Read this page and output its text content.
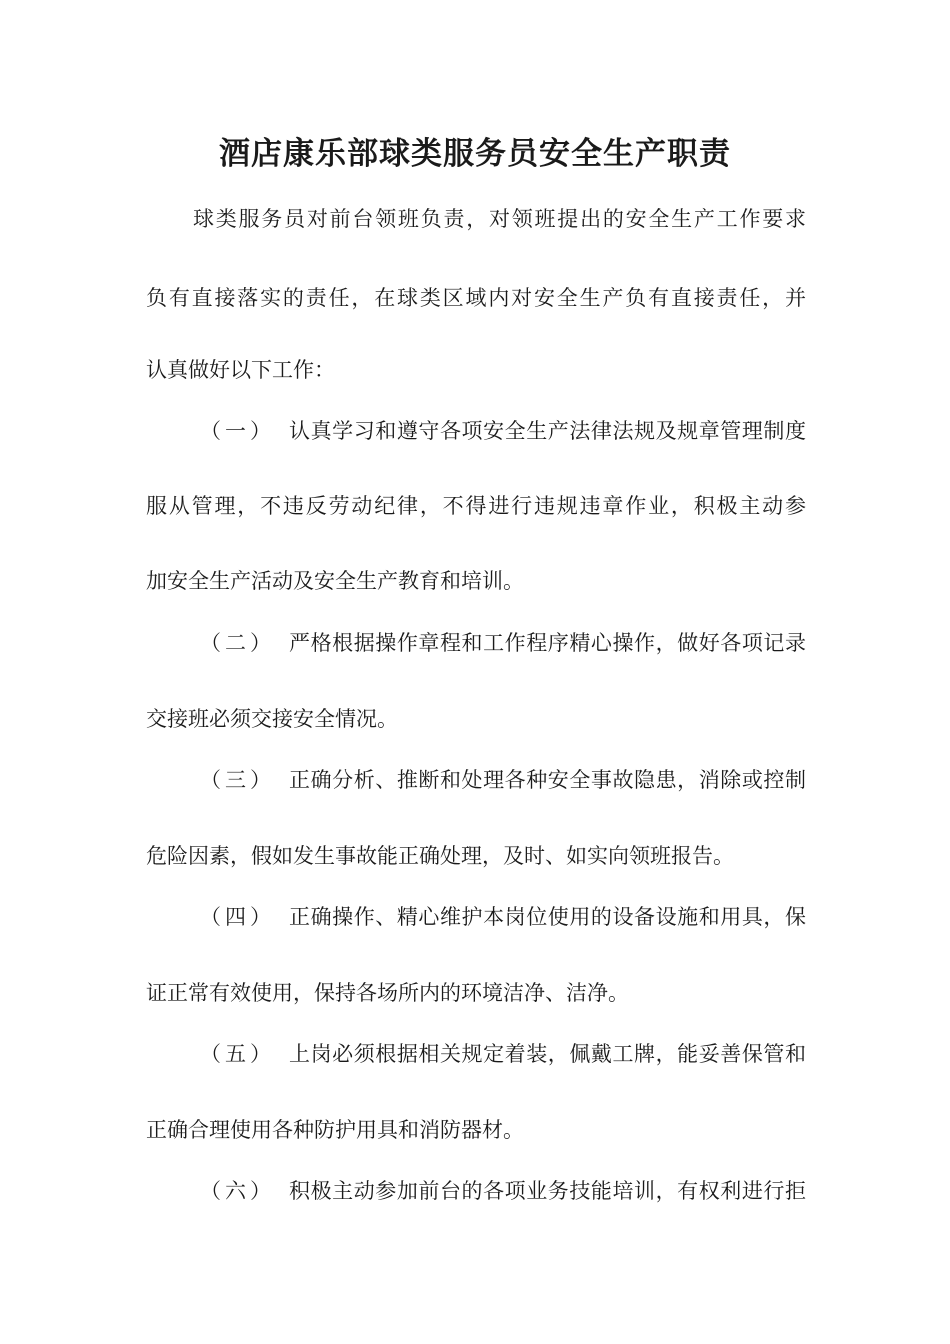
酒店康乐部球类服务员安全生产职责
球类服务员对前台领班负责，对领班提出的安全生产工作要求
负有直接落实的责任，在球类区域内对安全生产负有直接责任，并
认真做好以下工作：
（一） 认真学习和遵守各项安全生产法律法规及规章管理制度
服从管理，不违反劳动纪律，不得进行违规违章作业，积极主动参
加安全生产活动及安全生产教育和培训。
（二） 严格根据操作章程和工作程序精心操作，做好各项记录
交接班必须交接安全情况。
（三） 正确分析、推断和处理各种安全事故隐患，消除或控制
危险因素，假如发生事故能正确处理，及时、如实向领班报告。
（四） 正确操作、精心维护本岗位使用的设备设施和用具，保
证正常有效使用，保持各场所内的环境洁净、洁净。
（五） 上岗必须根据相关规定着装，佩戴工牌，能妥善保管和
正确合理使用各种防护用具和消防器材。
（六） 积极主动参加前台的各项业务技能培训，有权利进行拒
